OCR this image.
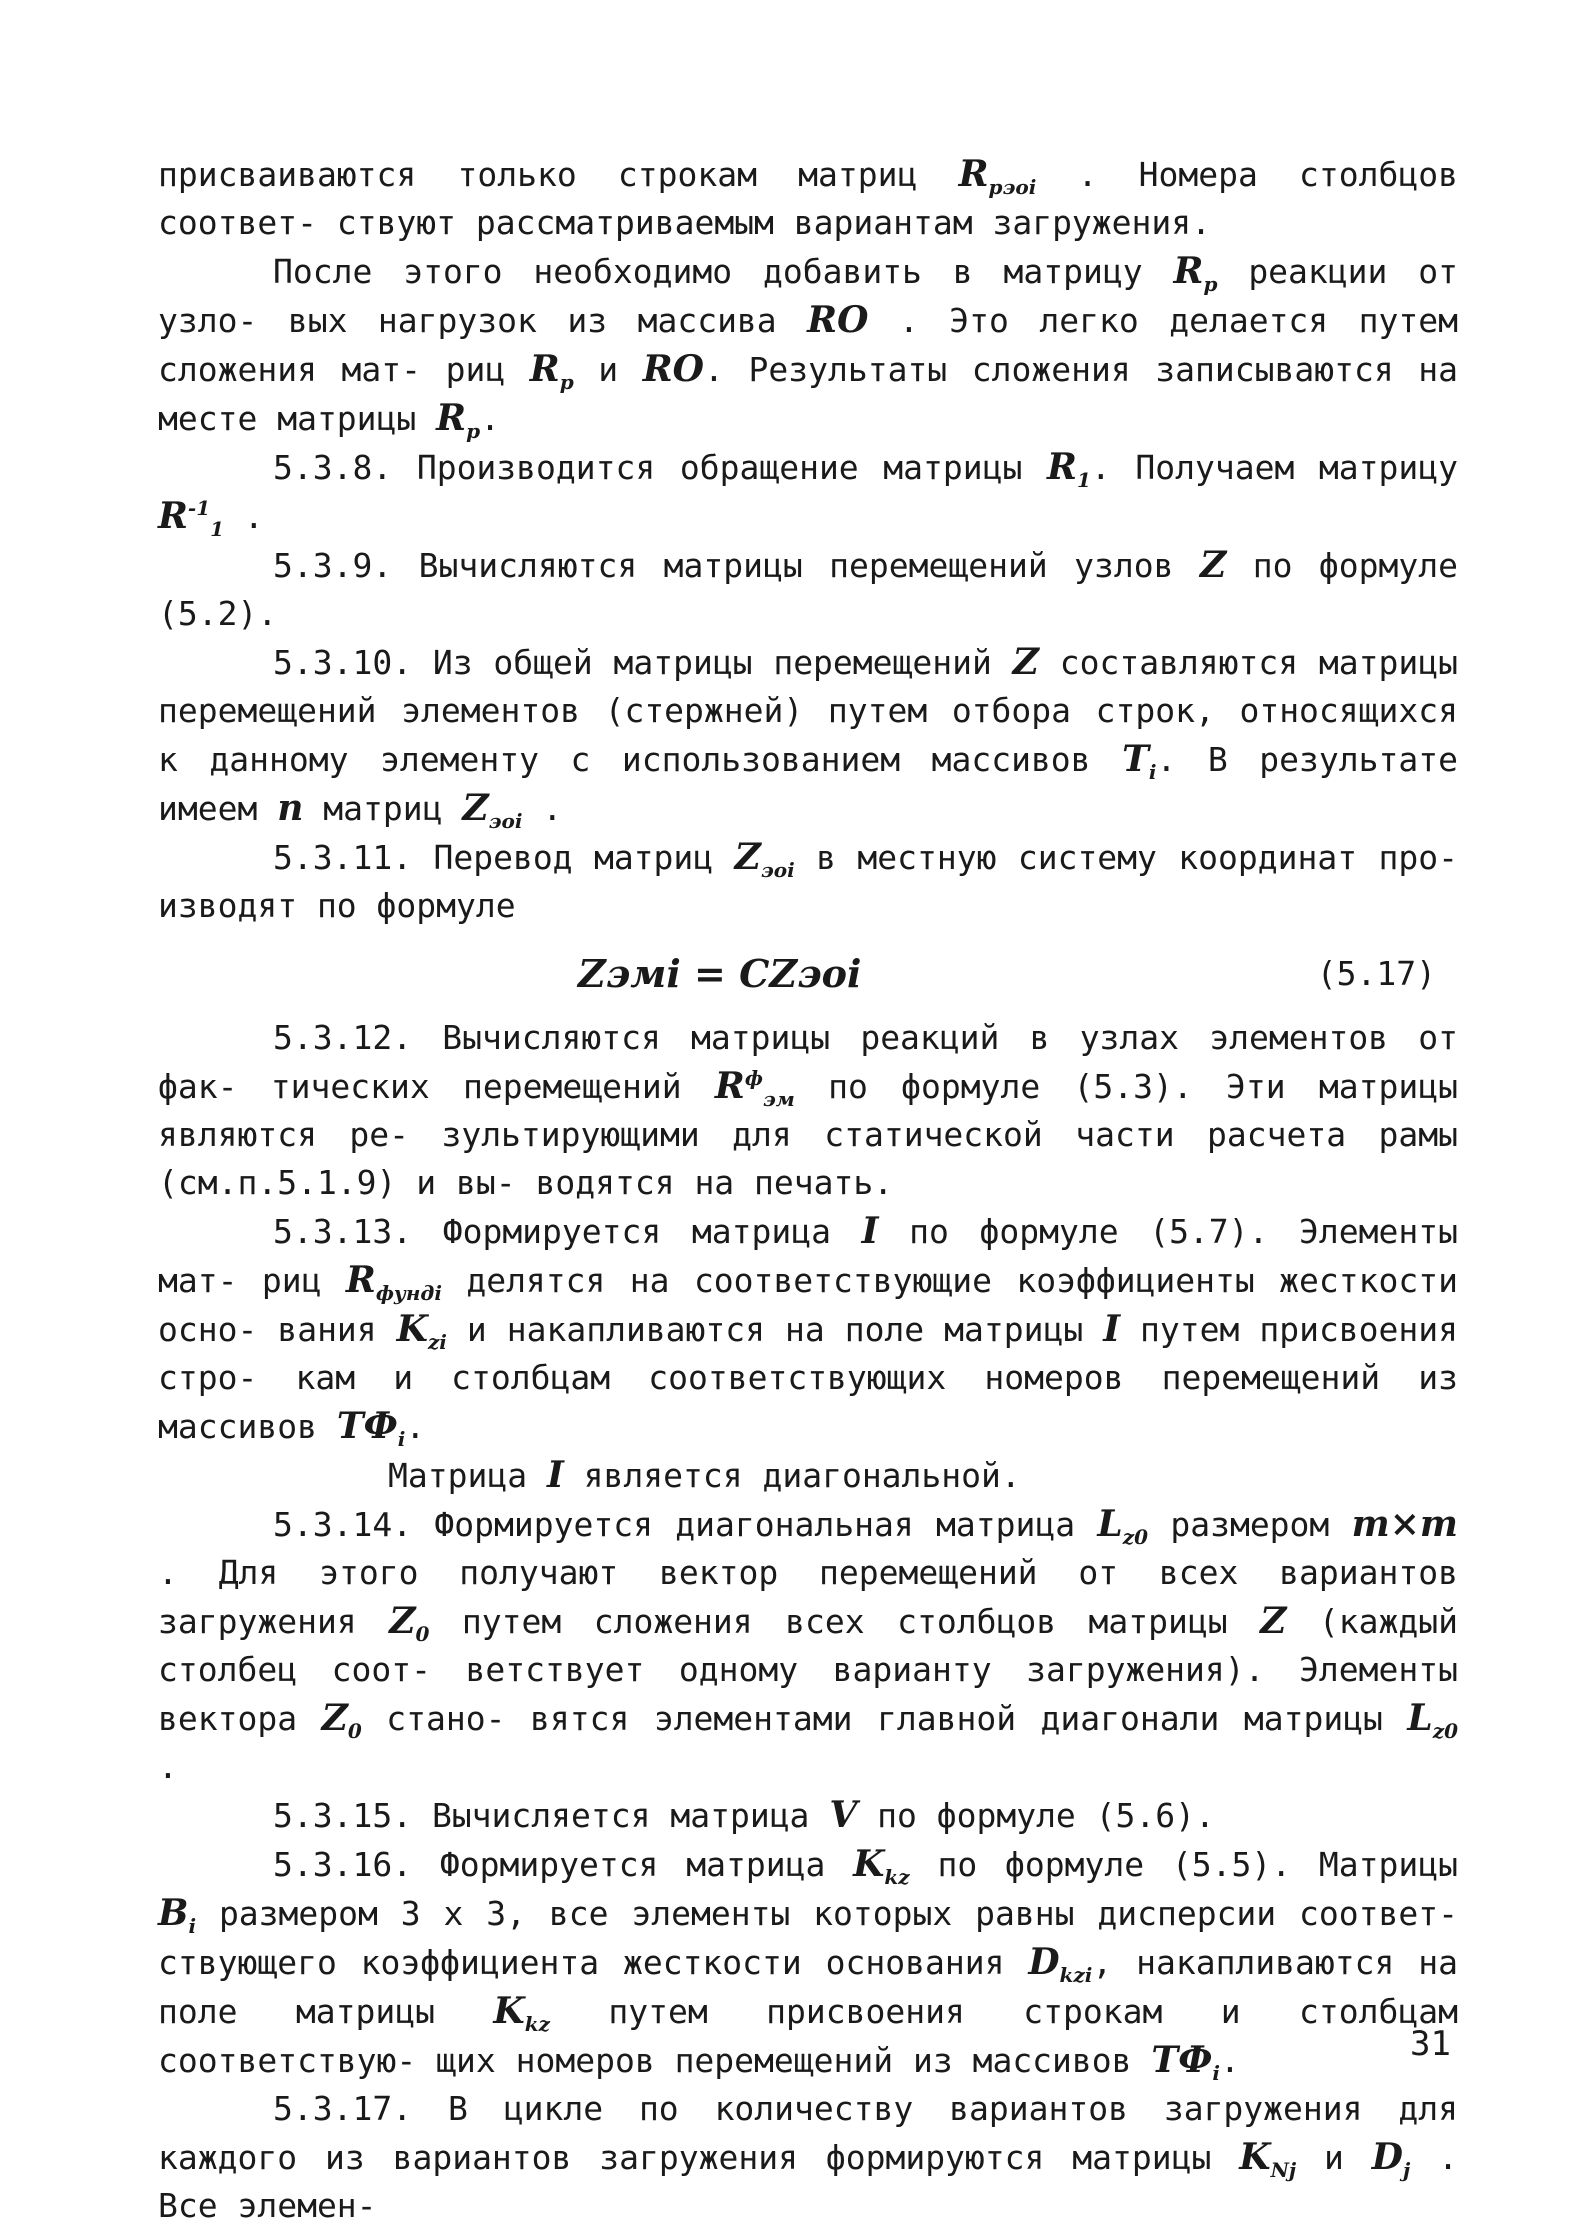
присваиваются только строкам матриц $R_{рэоi}$ . Номера столбцов соответ- ствуют рассматриваемым вариантам загружения.

После этого необходимо добавить в матрицу $R_р$ реакции от узло- вых нагрузок из массива RO . Это легко делается путем сложения мат- риц $R_р$ и RO. Результаты сложения записываются на месте матрицы $R_р$.

5.3.8. Производится обращение матрицы $R_1$. Получаем матрицу $R^{-1}_1$ .

5.3.9. Вычисляются матрицы перемещений узлов Z по формуле (5.2).

5.3.10. Из общей матрицы перемещений Z составляются матрицы перемещений элементов (стержней) путем отбора строк, относящихся к данному элементу с использованием массивов $T_i$. В результате имеем n матриц $Z_{эоi}$ .

5.3.11. Перевод матриц $Z_{эоi}$ в местную систему координат про- изводят по формуле

Zэмi = CZэоi	(5.17)

5.3.12. Вычисляются матрицы реакций в узлах элементов от фак- тических перемещений $R^ф_{эм}$ по формуле (5.3). Эти матрицы являются ре- зультирующими для статической части расчета рамы (см.п.5.1.9) и вы- водятся на печать.

5.3.13. Формируется матрица I по формуле (5.7). Элементы мат- риц $R_{фундi}$ делятся на соответствующие коэффициенты жесткости осно- вания $K_{zi}$ и накапливаются на поле матрицы I путем присвоения стро- кам и столбцам соответствующих номеров перемещений из массивов $ТФ_i$.
Матрица I является диагональной.

5.3.14. Формируется диагональная матрица $L_{z0}$ размером m×m . Для этого получают вектор перемещений от всех вариантов загружения $Z_0$ путем сложения всех столбцов матрицы Z (каждый столбец соот- ветствует одному варианту загружения). Элементы вектора $Z_0$ стано- вятся элементами главной диагонали матрицы $L_{z0}$ .

5.3.15. Вычисляется матрица V по формуле (5.6).

5.3.16. Формируется матрица $K_{kz}$ по формуле (5.5). Матрицы $B_i$ размером 3 x 3, все элементы которых равны дисперсии соответ- ствующего коэффициента жесткости основания $D_{kzi}$, накапливаются на поле матрицы $K_{kz}$ путем присвоения строкам и столбцам соответствую- щих номеров перемещений из массивов $ТФ_i$.

5.3.17. В цикле по количеству вариантов загружения для каждого из вариантов загружения формируются матрицы $K_{Nj}$ и $D_j$ . Все элемен-

31
